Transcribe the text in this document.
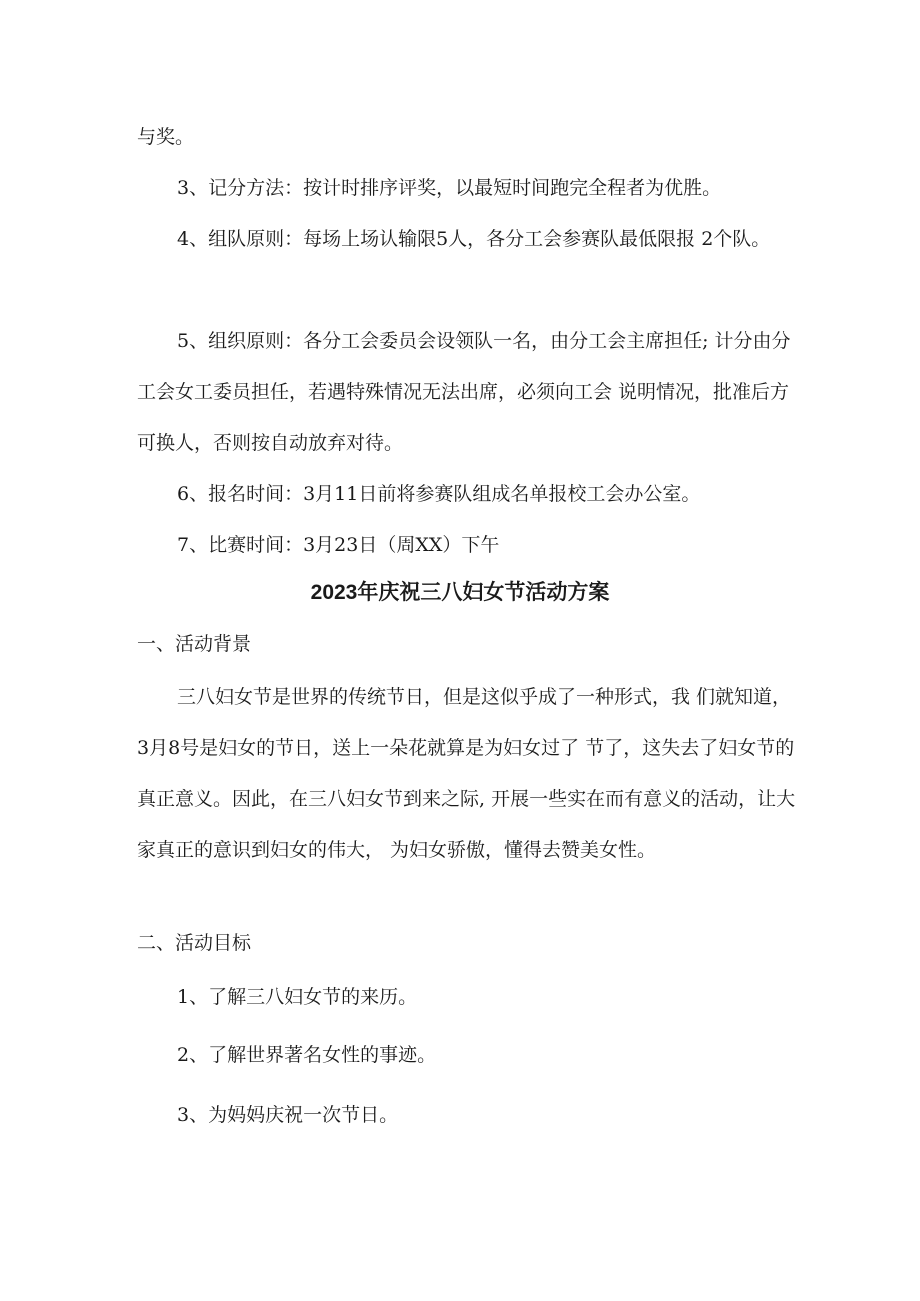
与奖。

3、记分方法：按计时排序评奖，以最短时间跑完全程者为优胜。

4、组队原则：每场上场认输限5人，各分工会参赛队最低限报 2个队。

5、组织原则：各分工会委员会设领队一名，由分工会主席担任; 计分由分工会女工委员担任，若遇特殊情况无法出席，必须向工会 说明情况，批准后方可换人，否则按自动放弃对待。

6、报名时间：3月11日前将参赛队组成名单报校工会办公室。

7、比赛时间：3月23日（周XX）下午

2023年庆祝三八妇女节活动方案
一、活动背景

三八妇女节是世界的传统节日，但是这似乎成了一种形式，我 们就知道，3月8号是妇女的节日，送上一朵花就算是为妇女过了 节了，这失去了妇女节的真正意义。因此，在三八妇女节到来之际, 开展一些实在而有意义的活动，让大家真正的意识到妇女的伟大， 为妇女骄傲，懂得去赞美女性。

二、活动目标

1、了解三八妇女节的来历。

2、了解世界著名女性的事迹。

3、为妈妈庆祝一次节日。
